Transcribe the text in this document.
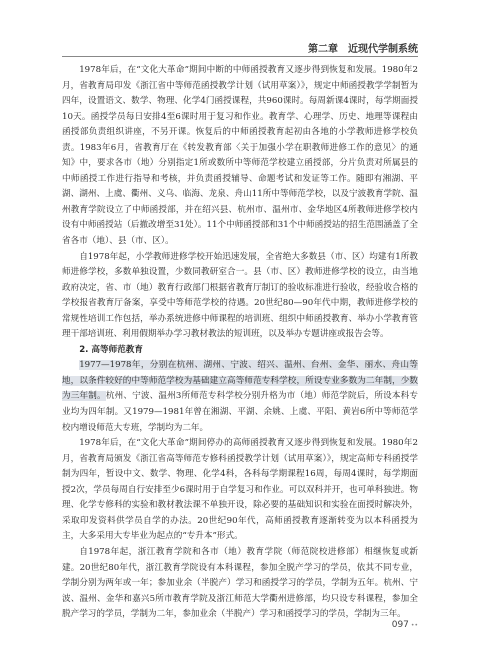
第二章　近现代学制系统

1978年后，在“文化大革命”期间中断的中师函授教育又逐步得到恢复和发展。1980年2月，省教育局印发《浙江省中等师范函授教学计划（试用草案）》，规定中师函授教学学制暂为四年，设置语文、数学、物理、化学4门函授课程，共960课时。每周新课4课时，每学期面授10天。函授学员每日安排4至6课时用于复习和作业。教育学、心理学、历史、地理等课程由函授部负责组织讲座，不另开课。恢复后的中师函授教育起初由各地的小学教师进修学校负责。1983年6月，省教育厅在《转发教育部〈关于加强小学在职教师进修工作的意见〉的通知》中，要求各市（地）分别指定1所或数所中等师范学校建立函授部，分片负责对所属县的中师函授工作进行指导和考核，并负责函授辅导、命题考试和发证等工作。随即有湘湖、平湖、湖州、上虞、衢州、义乌、临海、龙泉、舟山11所中等师范学校，以及宁波教育学院、温州教育学院设立了中师函授部，并在绍兴县、杭州市、温州市、金华地区4所教师进修学校内设有中师函授站（后撤改增至31处）。11个中师函授部和31个中师函授站的招生范围涵盖了全省各市（地）、县（市、区）。

自1978年起，小学教师进修学校开始迅速发展，全省绝大多数县（市、区）均建有1所教师进修学校，多数单独设置，少数同教研室合一。县（市、区）教师进修学校的设立，由当地政府决定，省、市（地）教育行政部门根据省教育厅制订的验收标准进行验收，经验收合格的学校报省教育厅备案，享受中等师范学校的待遇。20世纪80—90年代中期，教师进修学校的常规性培训工作包括，举办系统进修中师课程的培训班、组织中师函授教育、举办小学教育管理干部培训班、利用假期举办学习教材教法的短训班，以及举办专题讲座或报告会等。

2. 高等师范教育

1977—1978年，分别在杭州、湖州、宁波、绍兴、温州、台州、金华、丽水、舟山等地，以条件较好的中等师范学校为基础建立高等师范专科学校，所设专业多数为二年制，少数为三年制。杭州、宁波、温州3所师范专科学校分别升格为市（地）师范学院后，所设本科专业均为四年制。又1979—1981年曾在湘湖、平湖、余姚、上虞、平阳、黄岩6所中等师范学校内增设师范大专班，学制均为二年。

1978年后，在“文化大革命”期间停办的高师函授教育又逐步得到恢复和发展。1980年2月，省教育局颁发《浙江省高等师范专修科函授教学计划（试用草案）》，规定高师专科函授学制为四年，暂设中文、数学、物理、化学4科，各科每学期课程16周，每周4课时，每学期面授2次，学员每周自行安排至少6课时用于自学复习和作业。可以双科并开，也可单科独进。物理、化学专修科的实验和教材教法课不单独开设，除必要的基础知识和实验在面授时解决外，采取印发资料供学员自学的办法。20世纪90年代，高师函授教育逐渐转变为以本科函授为主，大多采用大专毕业为起点的“专升本”形式。

自1978年起，浙江教育学院和各市（地）教育学院（师范院校进修部）相继恢复或新建。20世纪80年代，浙江教育学院设有本科课程，参加全脱产学习的学员，依其不同专业，学制分别为两年或一年；参加业余（半脱产）学习和函授学习的学员，学制为五年。杭州、宁波、温州、金华和嘉兴5所市教育学院及浙江师范大学衢州进修部，均只设专科课程，参加全脱产学习的学员，学制为二年，参加业余（半脱产）学习和函授学习的学员，学制为三年。

097 ••
